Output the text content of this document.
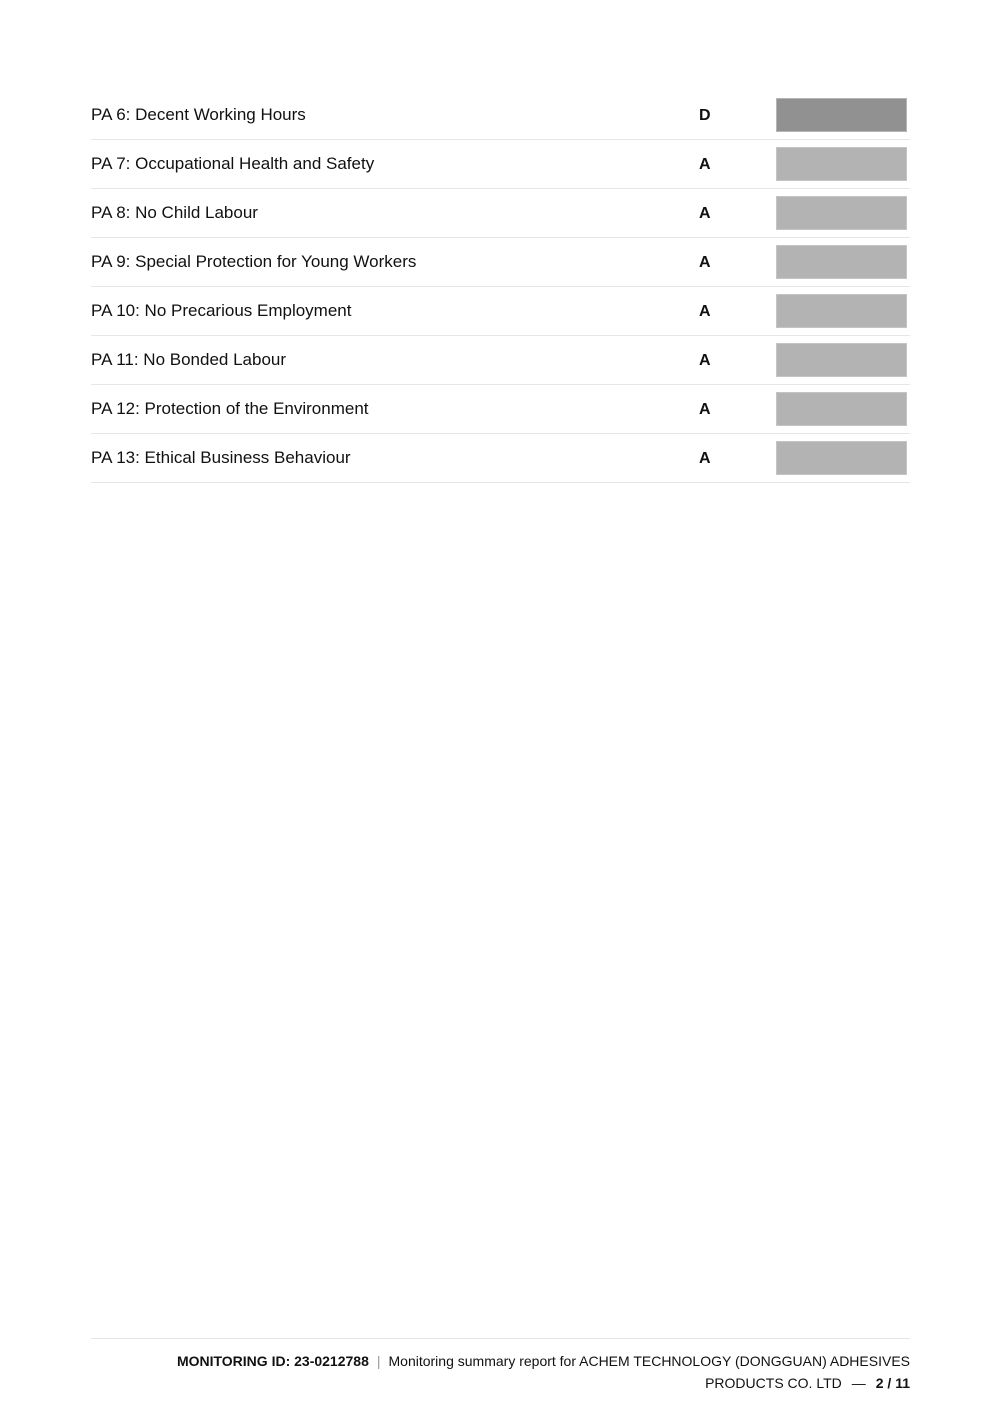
PA 6: Decent Working Hours	D
PA 7: Occupational Health and Safety	A
PA 8: No Child Labour	A
PA 9: Special Protection for Young Workers	A
PA 10: No Precarious Employment	A
PA 11: No Bonded Labour	A
PA 12: Protection of the Environment	A
PA 13: Ethical Business Behaviour	A
MONITORING ID: 23-0212788 | Monitoring summary report for ACHEM TECHNOLOGY (DONGGUAN) ADHESIVES
PRODUCTS CO. LTD — 2 / 11
